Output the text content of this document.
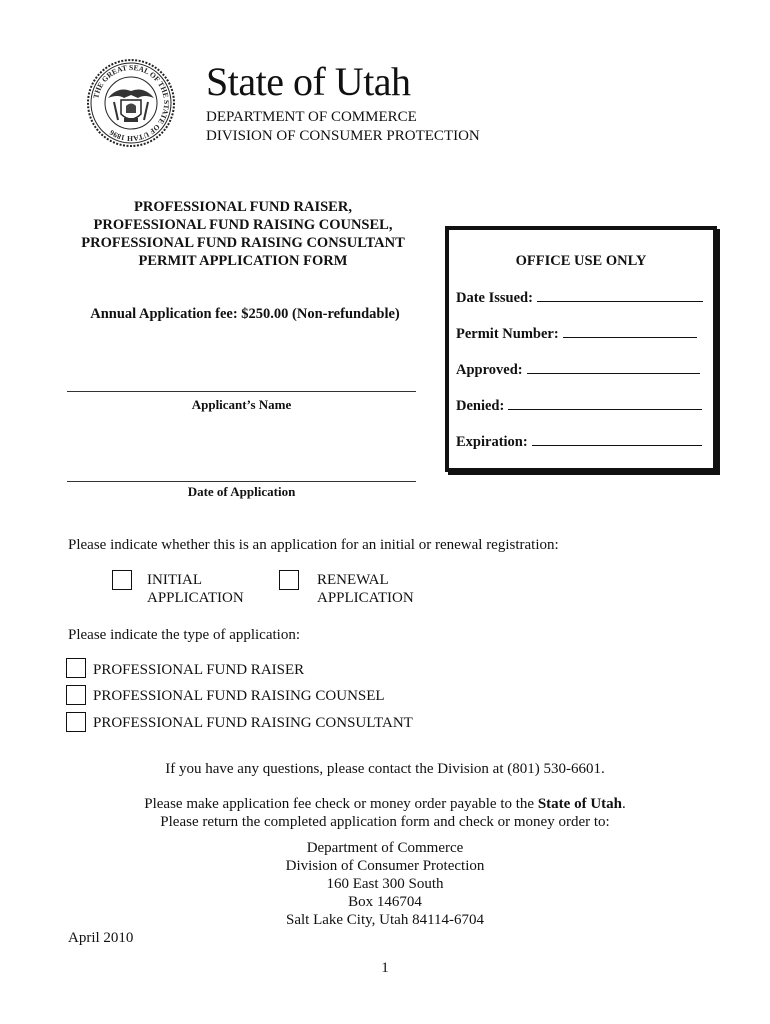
THE GREAT SEAL OF THE STATE OF UTAH 1896
State of Utah
DEPARTMENT OF COMMERCE
DIVISION OF CONSUMER PROTECTION
PROFESSIONAL FUND RAISER,
PROFESSIONAL FUND RAISING COUNSEL,
PROFESSIONAL FUND RAISING CONSULTANT
PERMIT APPLICATION FORM
Annual Application fee: $250.00 (Non-refundable)
Applicant’s Name
Date of Application
OFFICE USE ONLY
Date Issued:
Permit Number:
Approved:
Denied:
Expiration:
Please indicate whether this is an application for an initial or renewal registration:
INITIAL
APPLICATION
RENEWAL
APPLICATION
Please indicate the type of application:
PROFESSIONAL FUND RAISER
PROFESSIONAL FUND RAISING COUNSEL
PROFESSIONAL FUND RAISING CONSULTANT
If you have any questions, please contact the Division at (801) 530-6601.
Please make application fee check or money order payable to the State of Utah.
Please return the completed application form and check or money order to:
Department of Commerce
Division of Consumer Protection
160 East 300 South
Box 146704
Salt Lake City, Utah 84114-6704
April 2010
1
